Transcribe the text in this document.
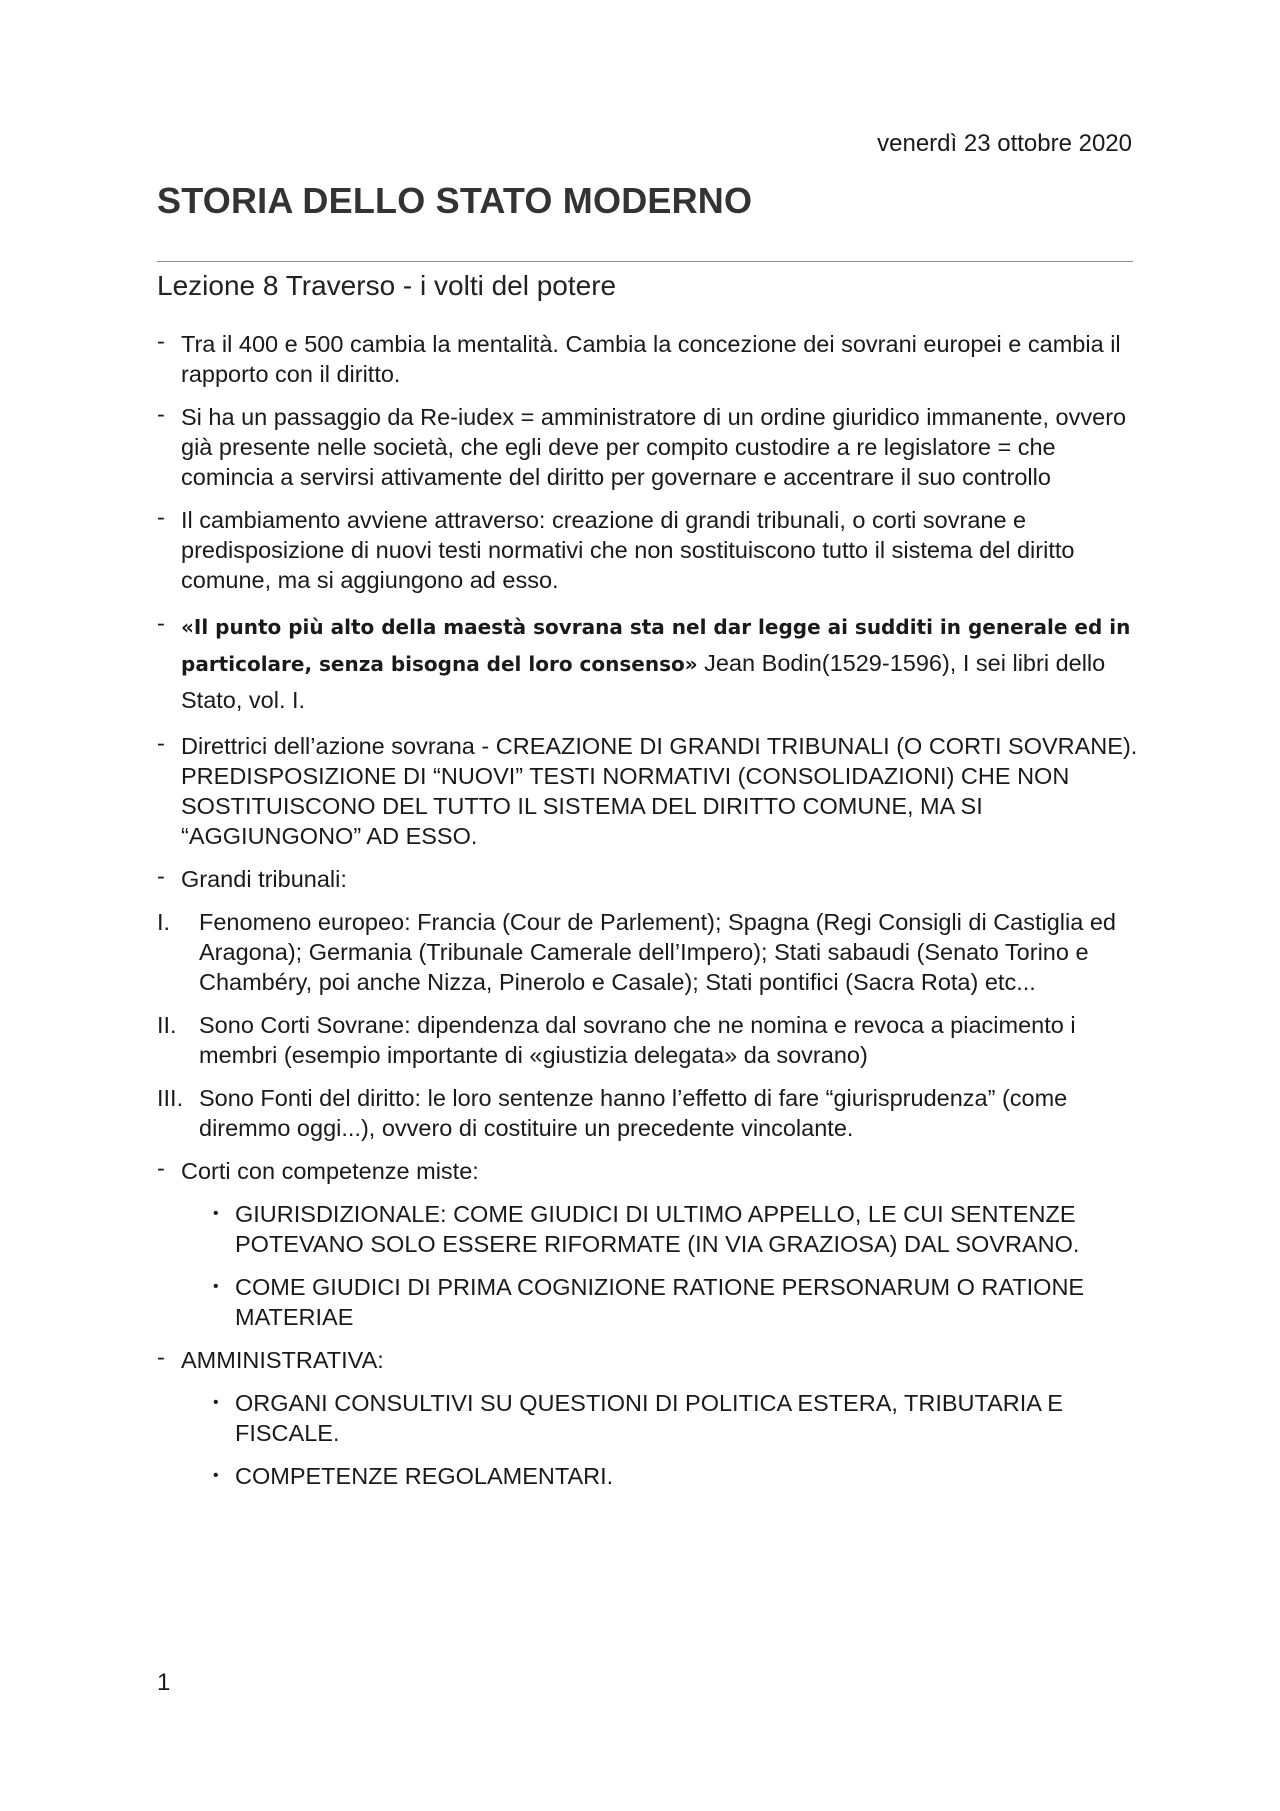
venerdì 23 ottobre 2020
STORIA DELLO STATO MODERNO
Lezione 8 Traverso - i volti del potere
- Tra il 400 e 500 cambia la mentalità. Cambia la concezione dei sovrani europei e cambia il rapporto con il diritto.
- Si ha un passaggio da Re-iudex = amministratore di un ordine giuridico immanente, ovvero già presente nelle società, che egli deve per compito custodire a re legislatore = che comincia a servirsi attivamente del diritto per governare e accentrare il suo controllo
- Il cambiamento avviene attraverso: creazione di grandi tribunali, o corti sovrane e predisposizione di nuovi testi normativi che non sostituiscono tutto il sistema del diritto comune, ma si aggiungono ad esso.
- «Il punto più alto della maestà sovrana sta nel dar legge ai sudditi in generale ed in particolare, senza bisogna del loro consenso» Jean Bodin(1529-1596), I sei libri dello Stato, vol. I.
- Direttrici dell’azione sovrana - CREAZIONE DI GRANDI TRIBUNALI (O CORTI SOVRANE). PREDISPOSIZIONE DI “NUOVI” TESTI NORMATIVI (CONSOLIDAZIONI) CHE NON SOSTITUISCONO DEL TUTTO IL SISTEMA DEL DIRITTO COMUNE, MA SI “AGGIUNGONO” AD ESSO.
- Grandi tribunali:
I. Fenomeno europeo: Francia (Cour de Parlement); Spagna (Regi Consigli di Castiglia ed Aragona); Germania (Tribunale Camerale dell’Impero); Stati sabaudi (Senato Torino e Chambéry, poi anche Nizza, Pinerolo e Casale); Stati pontifici (Sacra Rota) etc...
II. Sono Corti Sovrane: dipendenza dal sovrano che ne nomina e revoca a piacimento i membri (esempio importante di «giustizia delegata» da sovrano)
III. Sono Fonti del diritto: le loro sentenze hanno l’effetto di fare “giurisprudenza” (come diremmo oggi...), ovvero di costituire un precedente vincolante.
- Corti con competenze miste:
• GIURISDIZIONALE: COME GIUDICI DI ULTIMO APPELLO, LE CUI SENTENZE POTEVANO SOLO ESSERE RIFORMATE (IN VIA GRAZIOSA) DAL SOVRANO.
• COME GIUDICI DI PRIMA COGNIZIONE RATIONE PERSONARUM O RATIONE MATERIAE
- AMMINISTRATIVA:
• ORGANI CONSULTIVI SU QUESTIONI DI POLITICA ESTERA, TRIBUTARIA E FISCALE.
• COMPETENZE REGOLAMENTARI.
1
